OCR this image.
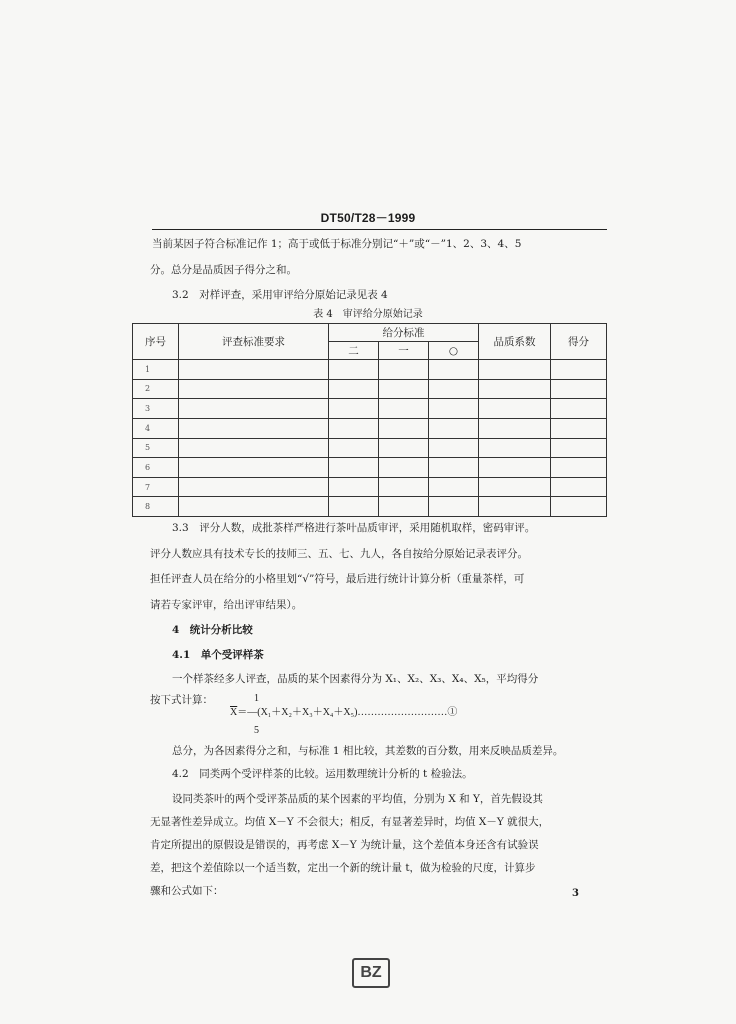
DT50/T28－1999
当前某因子符合标准记作 1；高于或低于标准分别记“＋”或“－”1、2、3、4、5
分。总分是品质因子得分之和。
3.2　对样评查，采用审评给分原始记录见表 4
表 4　审评给分原始记录
序号	评查标准要求	给分标准			品质系数	得分
		二	一	○		
1						
2						
3						
4						
5						
6						
7						
8						
3.3　评分人数，成批茶样严格进行茶叶品质审评，采用随机取样，密码审评。
评分人数应具有技术专长的技师三、五、七、九人，各自按给分原始记录表评分。
担任评查人员在给分的小格里划“√”符号，最后进行统计计算分析（重量茶样，可
请若专家评审，给出评审结果）。
4　统计分析比较
4.1　单个受评样茶
一个样茶经多人评查，品质的某个因素得分为 X₁、X₂、X₃、X₄、X₅，平均得分
按下式计算：	1
$\overline{X}=—(X_1+X_2+X_3+X_4+X_5)\dots\dots\dots\dots\dots\dots\dots\dots\dots ①$
5
总分，为各因素得分之和，与标准 1 相比较，其差数的百分数，用来反映品质差异。
4.2　同类两个受评样茶的比较。运用数理统计分析的 t 检验法。
设同类茶叶的两个受评茶品质的某个因素的平均值，分别为 X 和 Y，首先假设其
无显著性差异成立。均值 X－Y 不会很大；相反，有显著差异时，均值 X－Y 就很大，
肯定所提出的原假设是错误的，再考虑 X－Y 为统计量，这个差值本身还含有试验误
差，把这个差值除以一个适当数，定出一个新的统计量 t，做为检验的尺度，计算步
骤和公式如下：	3
BZ
